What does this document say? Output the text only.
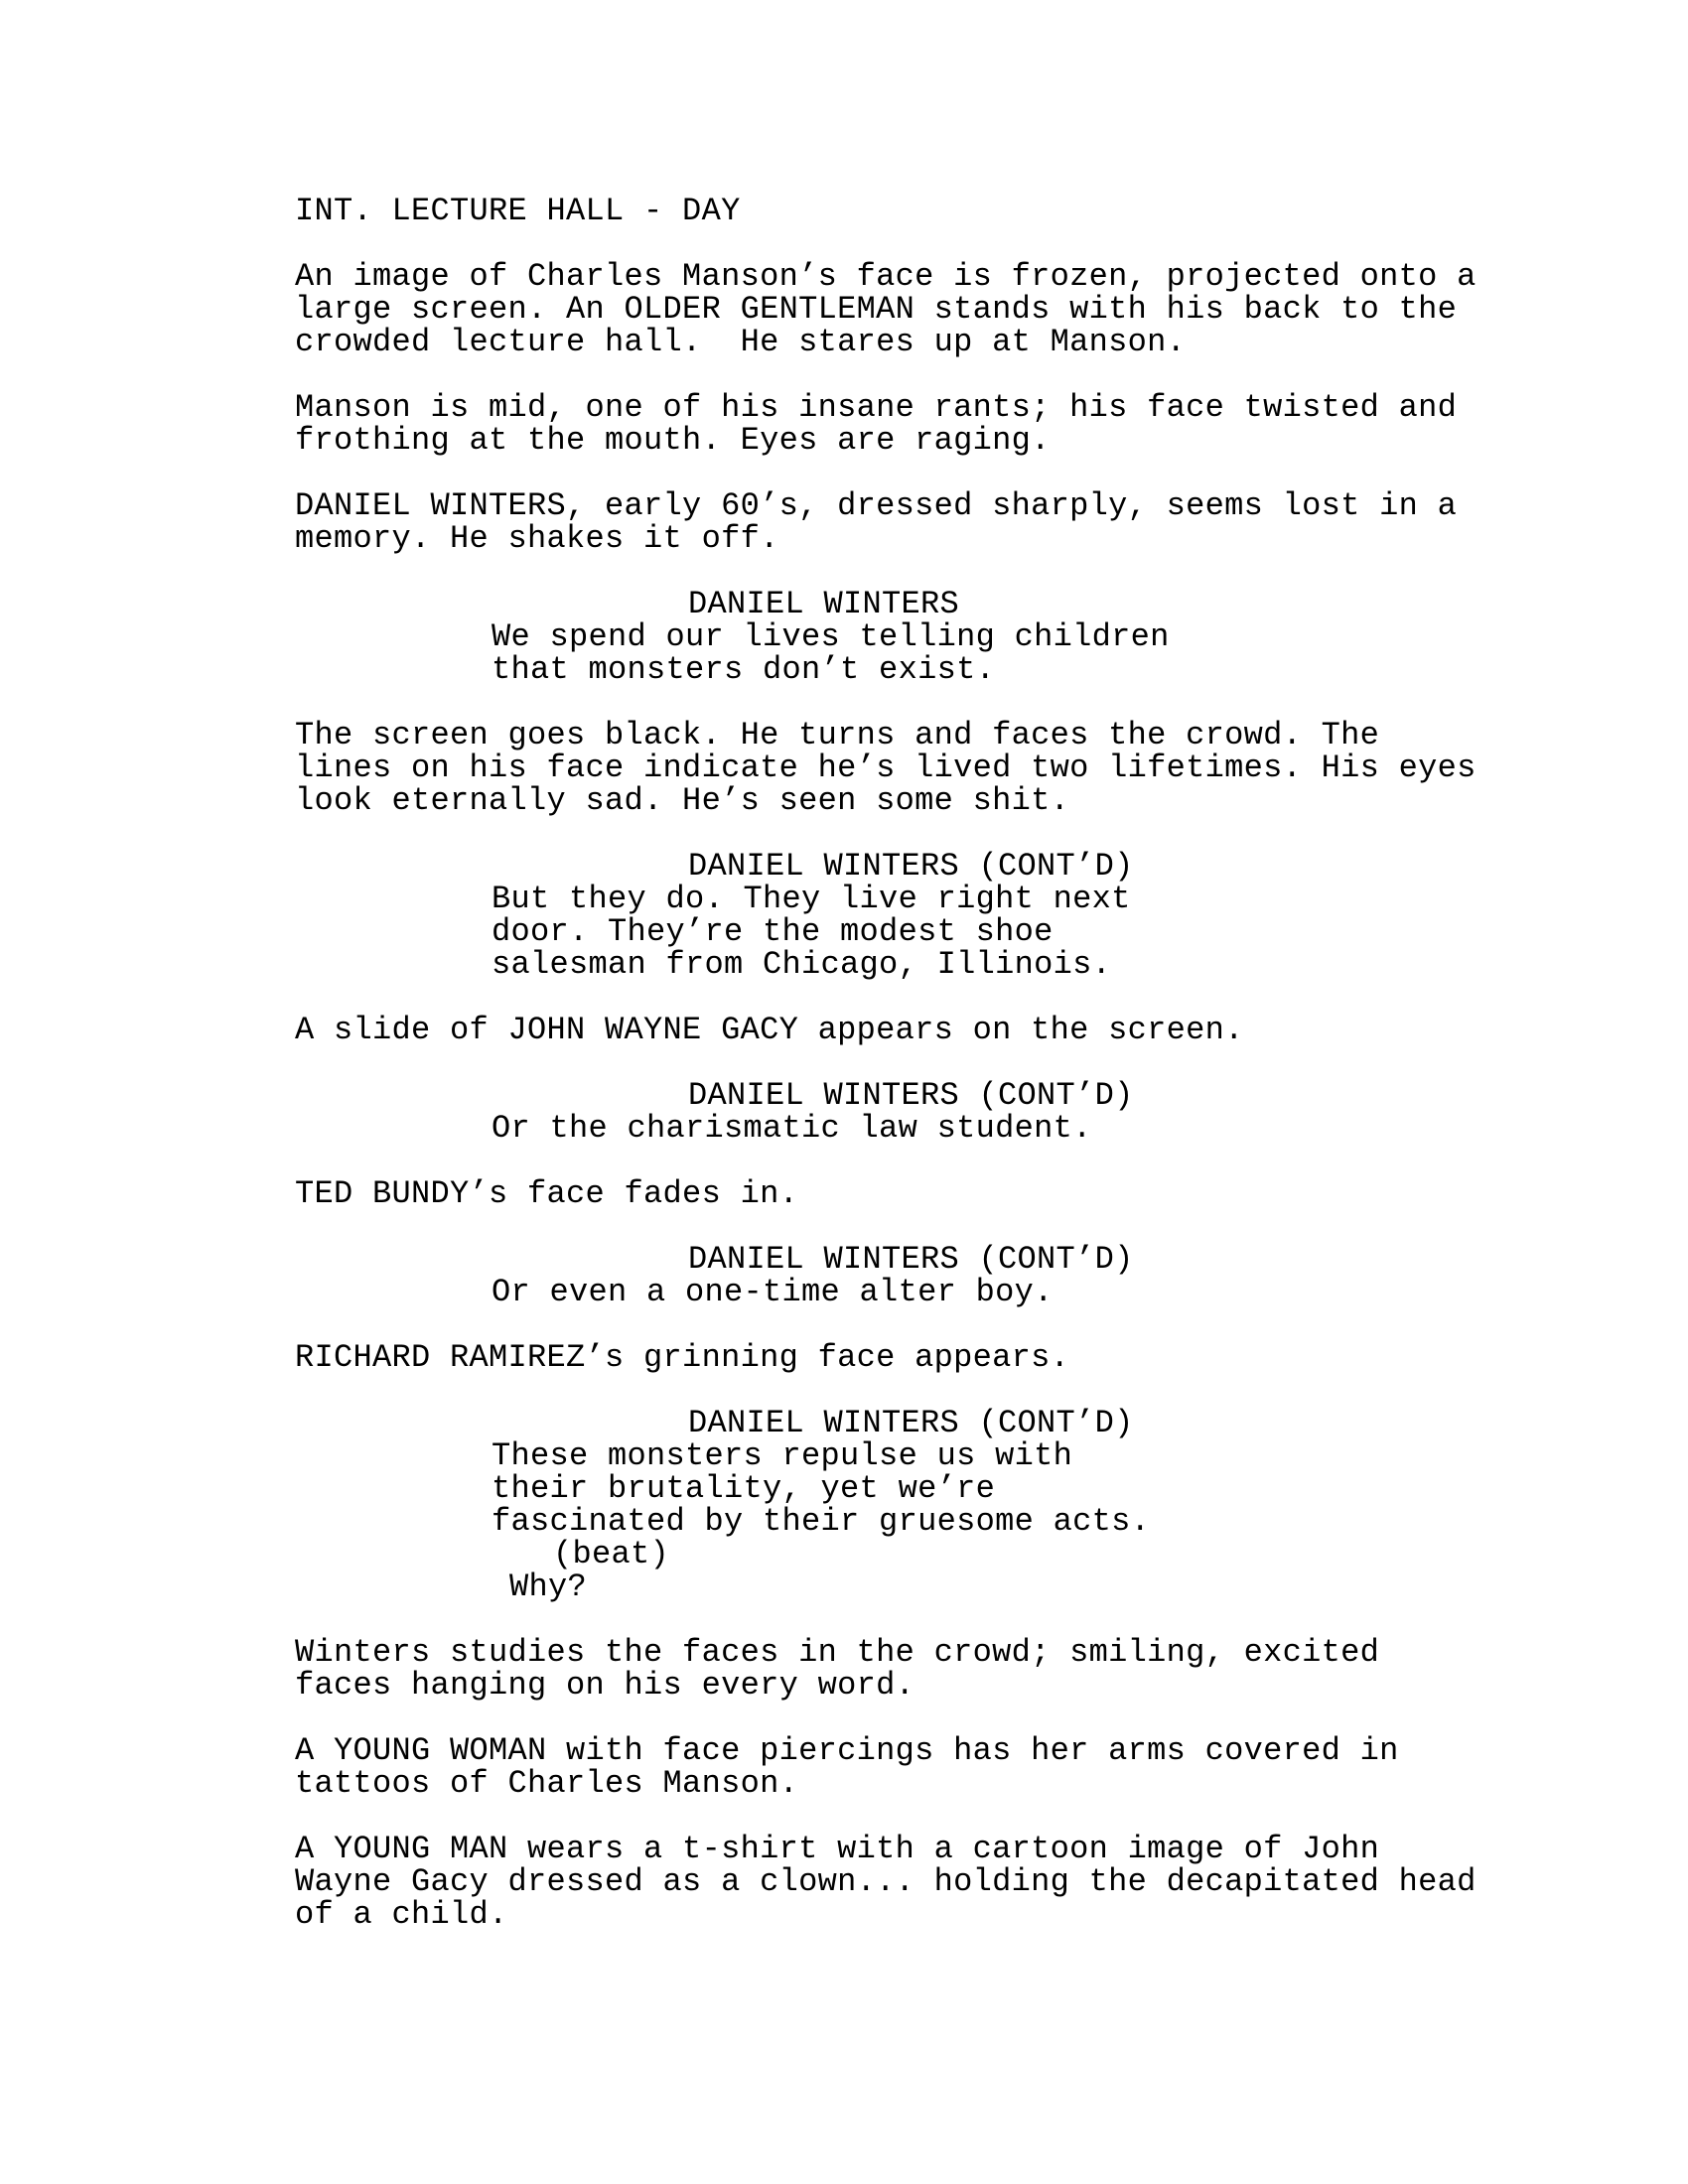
INT. LECTURE HALL - DAY
An image of Charles Manson’s face is frozen, projected onto a
large screen. An OLDER GENTLEMAN stands with his back to the
crowded lecture hall.  He stares up at Manson.
Manson is mid, one of his insane rants; his face twisted and
frothing at the mouth. Eyes are raging.
DANIEL WINTERS, early 60’s, dressed sharply, seems lost in a
memory. He shakes it off.
DANIEL WINTERS
We spend our lives telling children
that monsters don’t exist.
The screen goes black. He turns and faces the crowd. The
lines on his face indicate he’s lived two lifetimes. His eyes
look eternally sad. He’s seen some shit.
DANIEL WINTERS (CONT’D)
But they do. They live right next
door. They’re the modest shoe
salesman from Chicago, Illinois.
A slide of JOHN WAYNE GACY appears on the screen.
DANIEL WINTERS (CONT’D)
Or the charismatic law student.
TED BUNDY’s face fades in.
DANIEL WINTERS (CONT’D)
Or even a one-time alter boy.
RICHARD RAMIREZ’s grinning face appears.
DANIEL WINTERS (CONT’D)
These monsters repulse us with
their brutality, yet we’re
fascinated by their gruesome acts.
(beat)
Why?
Winters studies the faces in the crowd; smiling, excited
faces hanging on his every word.
A YOUNG WOMAN with face piercings has her arms covered in
tattoos of Charles Manson.
A YOUNG MAN wears a t-shirt with a cartoon image of John
Wayne Gacy dressed as a clown... holding the decapitated head
of a child.
